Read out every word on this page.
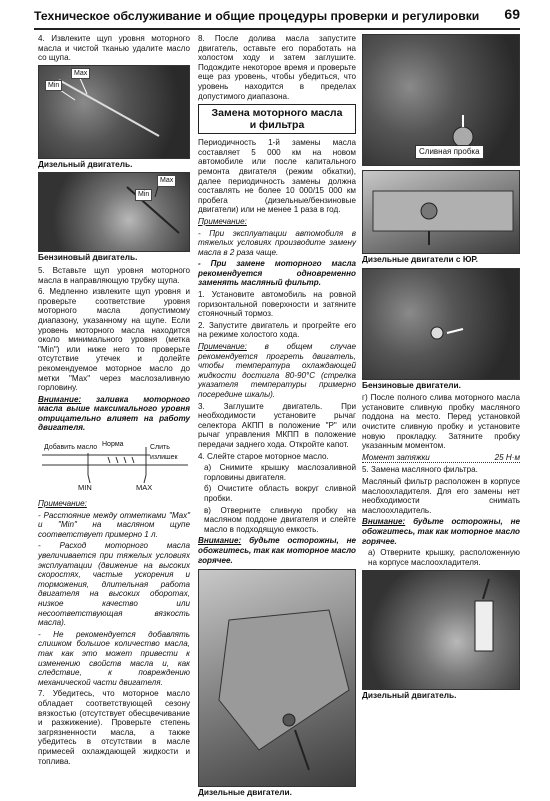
Техническое обслуживание и общие процедуры проверки и регулировки 69

4. Извлеките щуп уровня моторного масла и чистой тканью удалите масло со щупа.

Max
Min
Дизельный двигатель.
Max
Min
Бензиновый двигатель.

5. Вставьте щуп уровня моторного масла в направляющую трубку щупа.

6. Медленно извлеките щуп уровня и проверьте соответствие уровня моторного масла допустимому диапазону, указанному на щупе. Если уровень моторного масла находится около минимального уровня (метка "Min") или ниже него то проверьте отсутствие утечек и долейте рекомендуемое моторное масло до метки "Max" через маслозаливную горловину.

Внимание: заливка моторного масла выше максимального уровня отрицательно влияет на работу двигателя.

Добавить масло Норма	Слить излишек
MIN	MAX

Примечание:

- Расстояние между отметками "Max" и "Min" на масляном щупе соответствует примерно 1 л.

- Расход моторного масла увеличивается при тяжелых условиях эксплуатации (движение на высоких скоростях, частые ускорения и торможения, длительная работа двигателя на высоких оборотах, низкое качество или несоответствующая вязкость масла).

- Не рекомендуется добавлять слишком большое количество масла, так как это может привести к изменению свойств масла и, как следствие, к повреждению механической части двигателя.

7. Убедитесь, что моторное масло обладает соответствующей сезону вязкостью (отсутствует обесцвечивание и разжижение). Проверьте степень загрязненности масла, а также убедитесь в отсутствии в масле примесей охлаждающей жидкости и топлива.

8. После долива масла запустите двигатель, оставьте его поработать на холостом ходу и затем заглушите. Подождите некоторое время и проверьте еще раз уровень, чтобы убедиться, что уровень находится в пределах допустимого диапазона.

Замена моторного масла
и фильтра

Периодичность 1-й замены масла составляет 5 000 км на новом автомобиле или после капитального ремонта двигателя (режим обкатки), далее периодичность замены должна составлять не более 10 000/15 000 км пробега (дизельные/бензиновые двигатели) или не менее 1 раза в год.

Примечание:

- При эксплуатации автомобиля в тяжелых условиях производите замену масла в 2 раза чаще.

- При замене моторного масла рекомендуется одновременно заменять масляный фильтр.

1. Установите автомобиль на ровной горизонтальной поверхности и затяните стояночный тормоз.

2. Запустите двигатель и прогрейте его на режиме холостого хода.

Примечание: в общем случае рекомендуется прогреть двигатель, чтобы температура охлаждающей жидкости достигла 80-90°С (стрелка указателя температуры примерно посередине шкалы).

3. Заглушите двигатель. При необходимости установите рычаг селектора АКПП в положение "P" или рычаг управления МКПП в положение передачи заднего хода. Откройте капот.

4. Слейте старое моторное масло.

а) Снимите крышку маслозаливной горловины двигателя.

б) Очистите область вокруг сливной пробки.

в) Отверните сливную пробку на масляном поддоне двигателя и слейте масло в подходящую емкость.

Внимание: будьте осторожны, не обожгитесь, так как моторное масло горячее.

Дизельные двигатели.
Сливная пробка
Дизельные двигатели с ЮР.
Бензиновые двигатели.

г) После полного слива моторного масла установите сливную пробку масляного поддона на место. Перед установкой очистите сливную пробку и установите новую прокладку. Затяните пробку указанным моментом.

Момент затяжки	25 Н·м

5. Замена масляного фильтра.

Масляный фильтр расположен в корпусе маслоохладителя. Для его замены нет необходимости снимать маслоохладитель.

Внимание: будьте осторожны, не обожгитесь, так как моторное масло горячее.

а) Отверните крышку, расположенную на корпусе маслоохладителя.

Дизельный двигатель.
